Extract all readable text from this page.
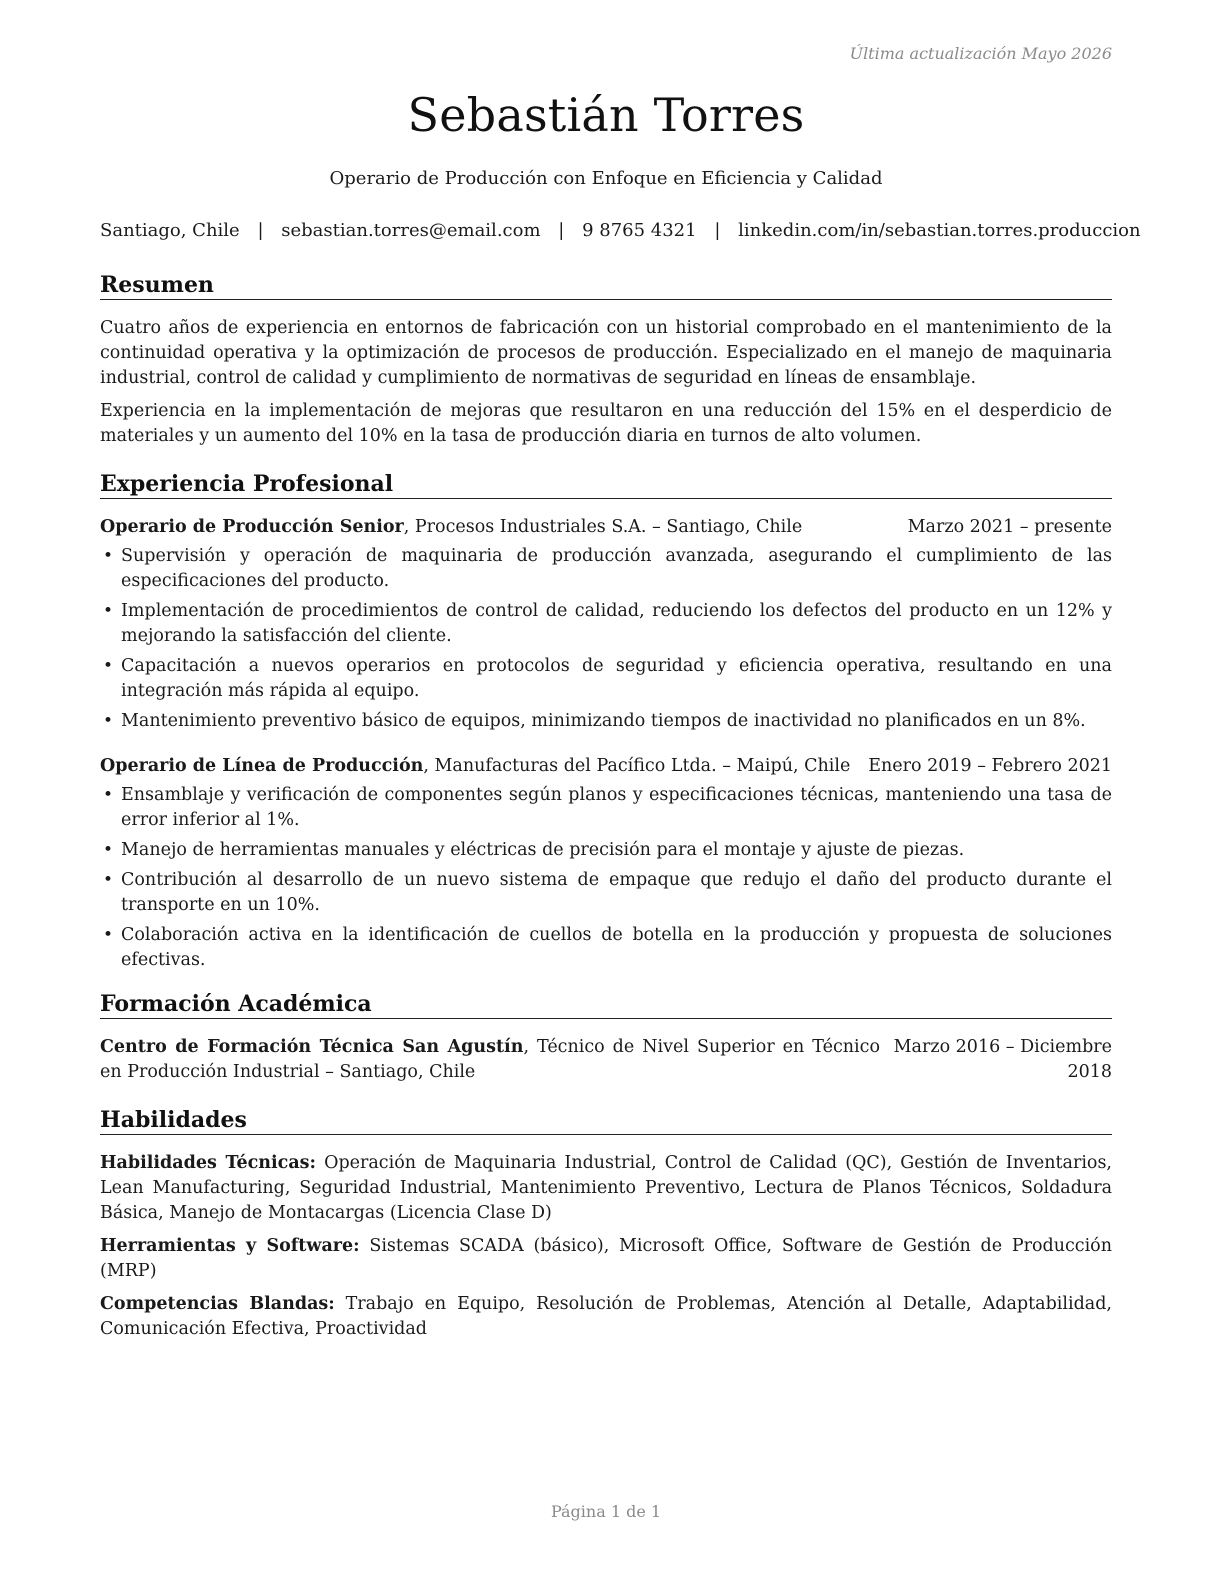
Última actualización Mayo 2026
Sebastián Torres
Operario de Producción con Enfoque en Eficiencia y Calidad
Santiago, Chile | sebastian.torres@email.com | 9 8765 4321 | linkedin.com/in/sebastian.torres.produccion
Resumen

Cuatro años de experiencia en entornos de fabricación con un historial comprobado en el mantenimiento de la continuidad operativa y la optimización de procesos de producción. Especializado en el manejo de maquinaria industrial, control de calidad y cumplimiento de normativas de seguridad en líneas de ensamblaje.

Experiencia en la implementación de mejoras que resultaron en una reducción del 15% en el desperdicio de materiales y un aumento del 10% en la tasa de producción diaria en turnos de alto volumen.

Experiencia Profesional
Operario de Producción Senior, Procesos Industriales S.A. – Santiago, Chile	Marzo 2021 – presente
• Supervisión y operación de maquinaria de producción avanzada, asegurando el cumplimiento de las especificaciones del producto.
• Implementación de procedimientos de control de calidad, reduciendo los defectos del producto en un 12% y mejorando la satisfacción del cliente.
• Capacitación a nuevos operarios en protocolos de seguridad y eficiencia operativa, resultando en una integración más rápida al equipo.
• Mantenimiento preventivo básico de equipos, minimizando tiempos de inactividad no planificados en un 8%.
Operario de Línea de Producción, Manufacturas del Pacífico Ltda. – Maipú, Chile Enero 2019 – Febrero 2021
• Ensamblaje y verificación de componentes según planos y especificaciones técnicas, manteniendo una tasa de error inferior al 1%.
• Manejo de herramientas manuales y eléctricas de precisión para el montaje y ajuste de piezas.
• Contribución al desarrollo de un nuevo sistema de empaque que redujo el daño del producto durante el transporte en un 10%.
• Colaboración activa en la identificación de cuellos de botella en la producción y propuesta de soluciones efectivas.
Formación Académica
Centro de Formación Técnica San Agustín, Técnico de Nivel Superior en Técnico en Producción Industrial – Santiago, Chile
Marzo 2016 – Diciembre 2018
Habilidades
Habilidades Técnicas: Operación de Maquinaria Industrial, Control de Calidad (QC), Gestión de Inventarios, Lean Manufacturing, Seguridad Industrial, Mantenimiento Preventivo, Lectura de Planos Técnicos, Soldadura Básica, Manejo de Montacargas (Licencia Clase D)
Herramientas y Software: Sistemas SCADA (básico), Microsoft Office, Software de Gestión de Producción (MRP)
Competencias Blandas: Trabajo en Equipo, Resolución de Problemas, Atención al Detalle, Adaptabilidad, Comunicación Efectiva, Proactividad
Página 1 de 1
